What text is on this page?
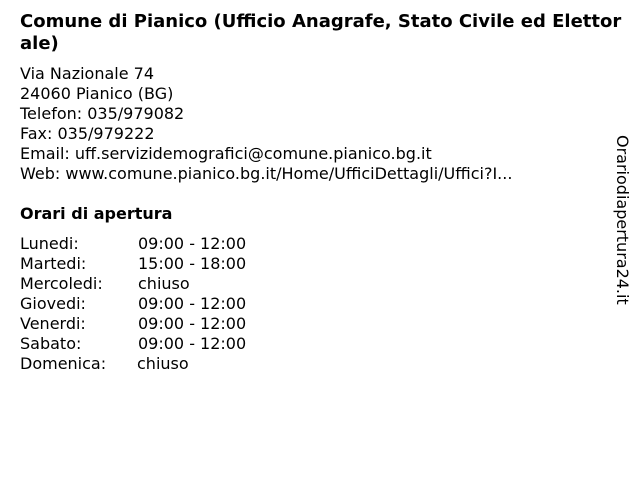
Comune di Pianico (Ufficio Anagrafe, Stato Civile ed Elettorale)
Via Nazionale 74
24060 Pianico (BG)
Telefon: 035/979082
Fax: 035/979222
Email: uff.servizidemografici@comune.pianico.bg.it
Web: www.comune.pianico.bg.it/Home/UfficiDettagli/Uffici?I...
Orari di apertura
Lunedi:	09:00 - 12:00
Martedi:	15:00 - 18:00
Mercoledi: chiuso
Giovedi:	09:00 - 12:00
Venerdi:	09:00 - 12:00
Sabato:	09:00 - 12:00
Domenica: chiuso
Orariodiapertura24.it
